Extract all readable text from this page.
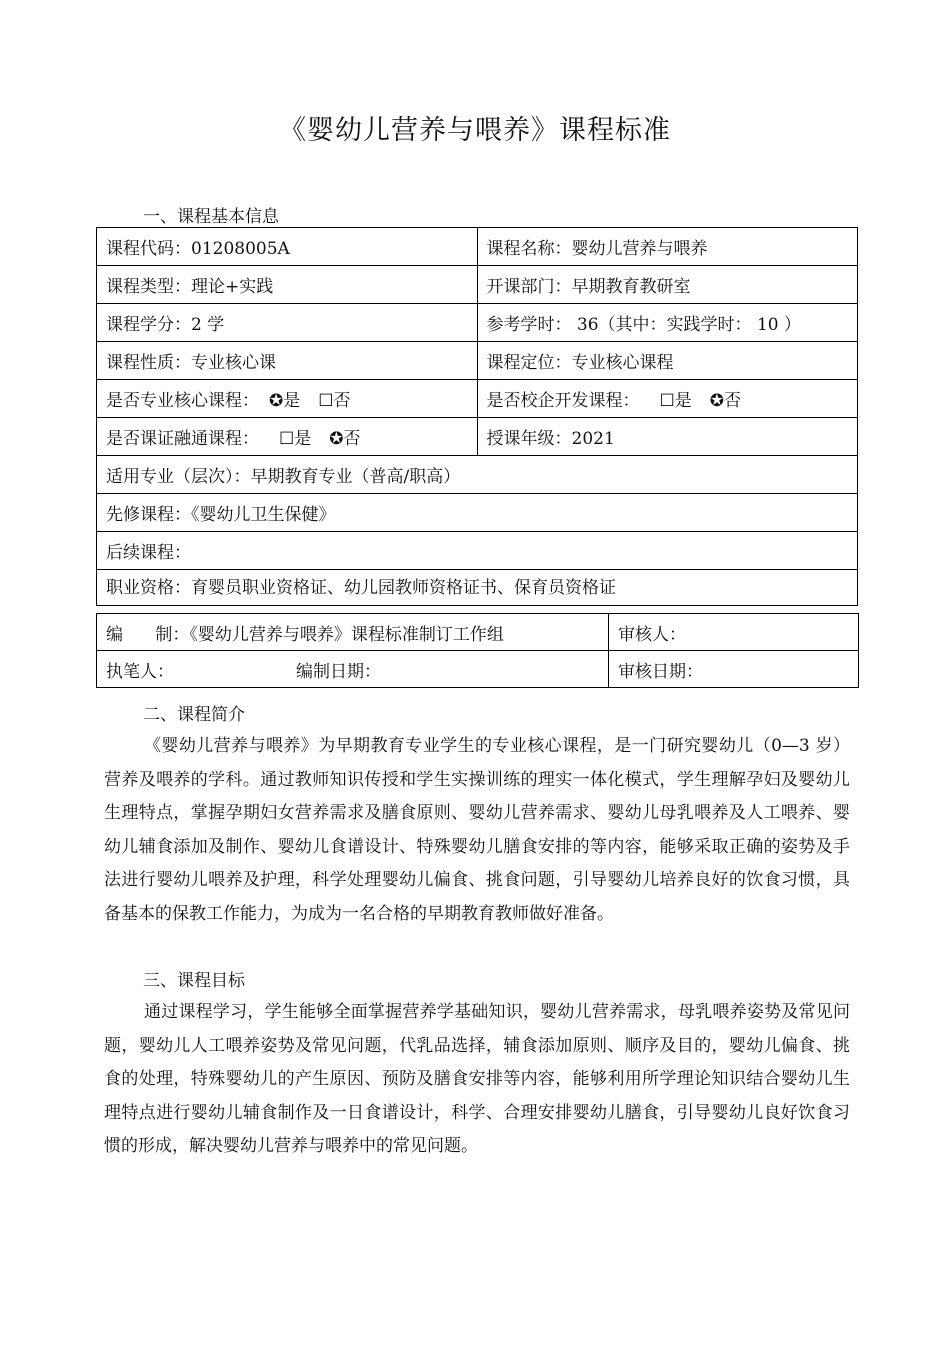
《婴幼儿营养与喂养》课程标准
一、课程基本信息
课程代码：01208005A	课程名称：婴幼儿营养与喂养
课程类型：理论+实践	开课部门：早期教育教研室
课程学分：2 学	参考学时： 36（其中：实践学时： 10 ）
课程性质：专业核心课	课程定位：专业核心课程
是否专业核心课程： ✪是 ☐否	是否校企开发课程： ☐是 ✪否
是否课证融通课程： ☐是 ✪否	授课年级：2021
适用专业（层次）：早期教育专业（普高/职高）	
先修课程：《婴幼儿卫生保健》	
后续课程：	
职业资格：育婴员职业资格证、幼儿园教师资格证书、保育员资格证	
编      制：《婴幼儿营养与喂养》课程标准制订工作组	审核人：
执笔人： 编制日期：	审核日期：
二、课程简介
《婴幼儿营养与喂养》为早期教育专业学生的专业核心课程，是一门研究婴幼儿（0—3 岁）营养及喂养的学科。通过教师知识传授和学生实操训练的理实一体化模式，学生理解孕妇及婴幼儿生理特点，掌握孕期妇女营养需求及膳食原则、婴幼儿营养需求、婴幼儿母乳喂养及人工喂养、婴幼儿辅食添加及制作、婴幼儿食谱设计、特殊婴幼儿膳食安排的等内容，能够采取正确的姿势及手法进行婴幼儿喂养及护理，科学处理婴幼儿偏食、挑食问题，引导婴幼儿培养良好的饮食习惯，具备基本的保教工作能力，为成为一名合格的早期教育教师做好准备。
三、课程目标
通过课程学习，学生能够全面掌握营养学基础知识，婴幼儿营养需求，母乳喂养姿势及常见问题，婴幼儿人工喂养姿势及常见问题，代乳品选择，辅食添加原则、顺序及目的，婴幼儿偏食、挑食的处理，特殊婴幼儿的产生原因、预防及膳食安排等内容，能够利用所学理论知识结合婴幼儿生理特点进行婴幼儿辅食制作及一日食谱设计，科学、合理安排婴幼儿膳食，引导婴幼儿良好饮食习惯的形成，解决婴幼儿营养与喂养中的常见问题。
